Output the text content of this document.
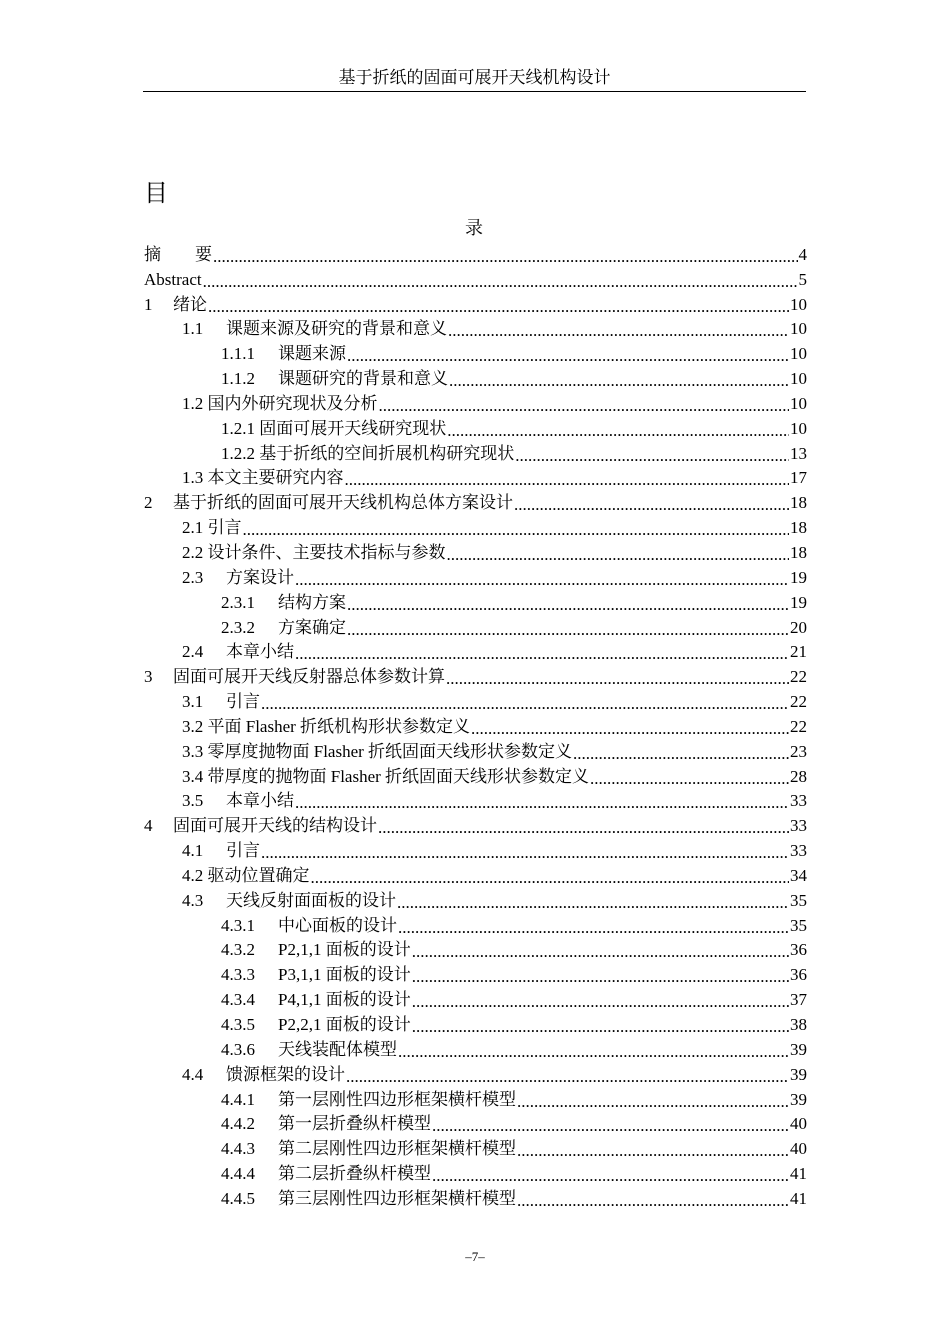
基于折纸的固面可展开天线机构设计
目
录
摘　　要 .....	4
Abstract .....	5
1	绪论 .....	10
1.1	课题来源及研究的背景和意义 .....	10
1.1.1	课题来源 .....	10
1.1.2	课题研究的背景和意义 .....	10
1.2 国内外研究现状及分析 .....	10
1.2.1 固面可展开天线研究现状 .....	10
1.2.2 基于折纸的空间折展机构研究现状 .....	13
1.3 本文主要研究内容 .....	17
2	基于折纸的固面可展开天线机构总体方案设计 .....	18
2.1 引言 .....	18
2.2 设计条件、主要技术指标与参数 .....	18
2.3	方案设计 .....	19
2.3.1	结构方案 .....	19
2.3.2	方案确定 .....	20
2.4	本章小结 .....	21
3	固面可展开天线反射器总体参数计算 .....	22
3.1	引言 .....	22
3.2 平面 Flasher 折纸机构形状参数定义 .....	22
3.3 零厚度抛物面 Flasher 折纸固面天线形状参数定义 .....	23
3.4 带厚度的抛物面 Flasher 折纸固面天线形状参数定义 .....	28
3.5	本章小结 .....	33
4	固面可展开天线的结构设计 .....	33
4.1	引言 .....	33
4.2 驱动位置确定 .....	34
4.3	天线反射面面板的设计 .....	35
4.3.1	中心面板的设计 .....	35
4.3.2	P2,1,1 面板的设计 .....	36
4.3.3	P3,1,1 面板的设计 .....	36
4.3.4	P4,1,1 面板的设计 .....	37
4.3.5	P2,2,1 面板的设计 .....	38
4.3.6	天线装配体模型 .....	39
4.4	馈源框架的设计 .....	39
4.4.1	第一层刚性四边形框架横杆模型 .....	39
4.4.2	第一层折叠纵杆模型 .....	40
4.4.3	第二层刚性四边形框架横杆模型 .....	40
4.4.4	第二层折叠纵杆模型 .....	41
4.4.5	第三层刚性四边形框架横杆模型 .....	41
–7–
